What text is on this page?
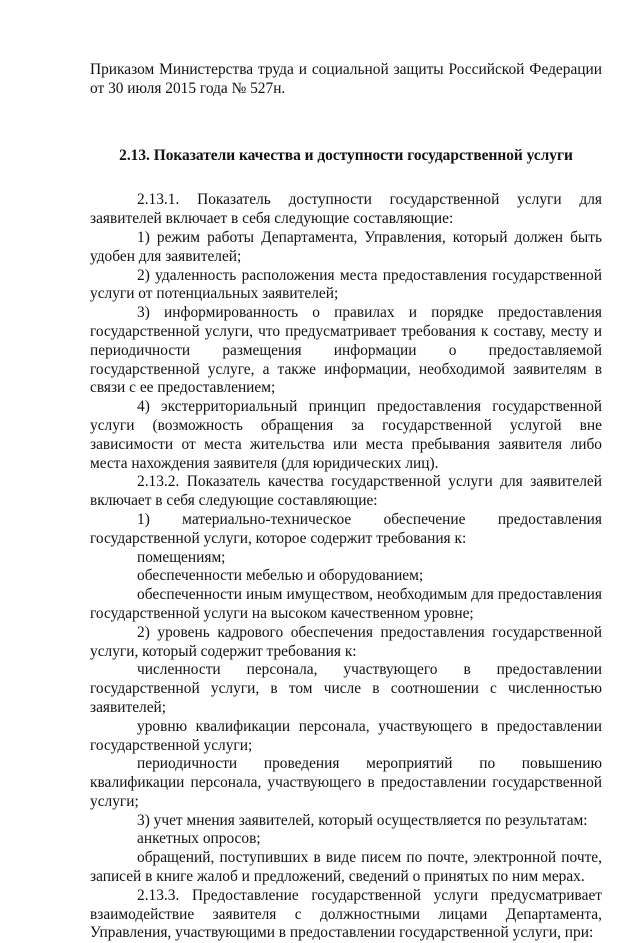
Приказом Министерства труда и социальной защиты Российской Федерации от 30 июля 2015 года № 527н.

2.13. Показатели качества и доступности государственной услуги

2.13.1. Показатель доступности государственной услуги для заявителей включает в себя следующие составляющие:

1) режим работы Департамента, Управления, который должен быть удобен для заявителей;

2) удаленность расположения места предоставления государственной услуги от потенциальных заявителей;

3) информированность о правилах и порядке предоставления государственной услуги, что предусматривает требования к составу, месту и периодичности размещения информации о предоставляемой государственной услуге, а также информации, необходимой заявителям в связи с ее предоставлением;

4) экстерриториальный принцип предоставления государственной услуги (возможность обращения за государственной услугой вне зависимости от места жительства или места пребывания заявителя либо места нахождения заявителя (для юридических лиц).

2.13.2. Показатель качества государственной услуги для заявителей включает в себя следующие составляющие:

1) материально-техническое обеспечение предоставления государственной услуги, которое содержит требования к:

помещениям;

обеспеченности мебелью и оборудованием;

обеспеченности иным имуществом, необходимым для предоставления государственной услуги на высоком качественном уровне;

2) уровень кадрового обеспечения предоставления государственной услуги, который содержит требования к:

численности персонала, участвующего в предоставлении государственной услуги, в том числе в соотношении с численностью заявителей;

уровню квалификации персонала, участвующего в предоставлении государственной услуги;

периодичности проведения мероприятий по повышению квалификации персонала, участвующего в предоставлении государственной услуги;

3) учет мнения заявителей, который осуществляется по результатам:

анкетных опросов;

обращений, поступивших в виде писем по почте, электронной почте, записей в книге жалоб и предложений, сведений о принятых по ним мерах.

2.13.3. Предоставление государственной услуги предусматривает взаимодействие заявителя с должностными лицами Департамента, Управления, участвующими в предоставлении государственной услуги, при:
